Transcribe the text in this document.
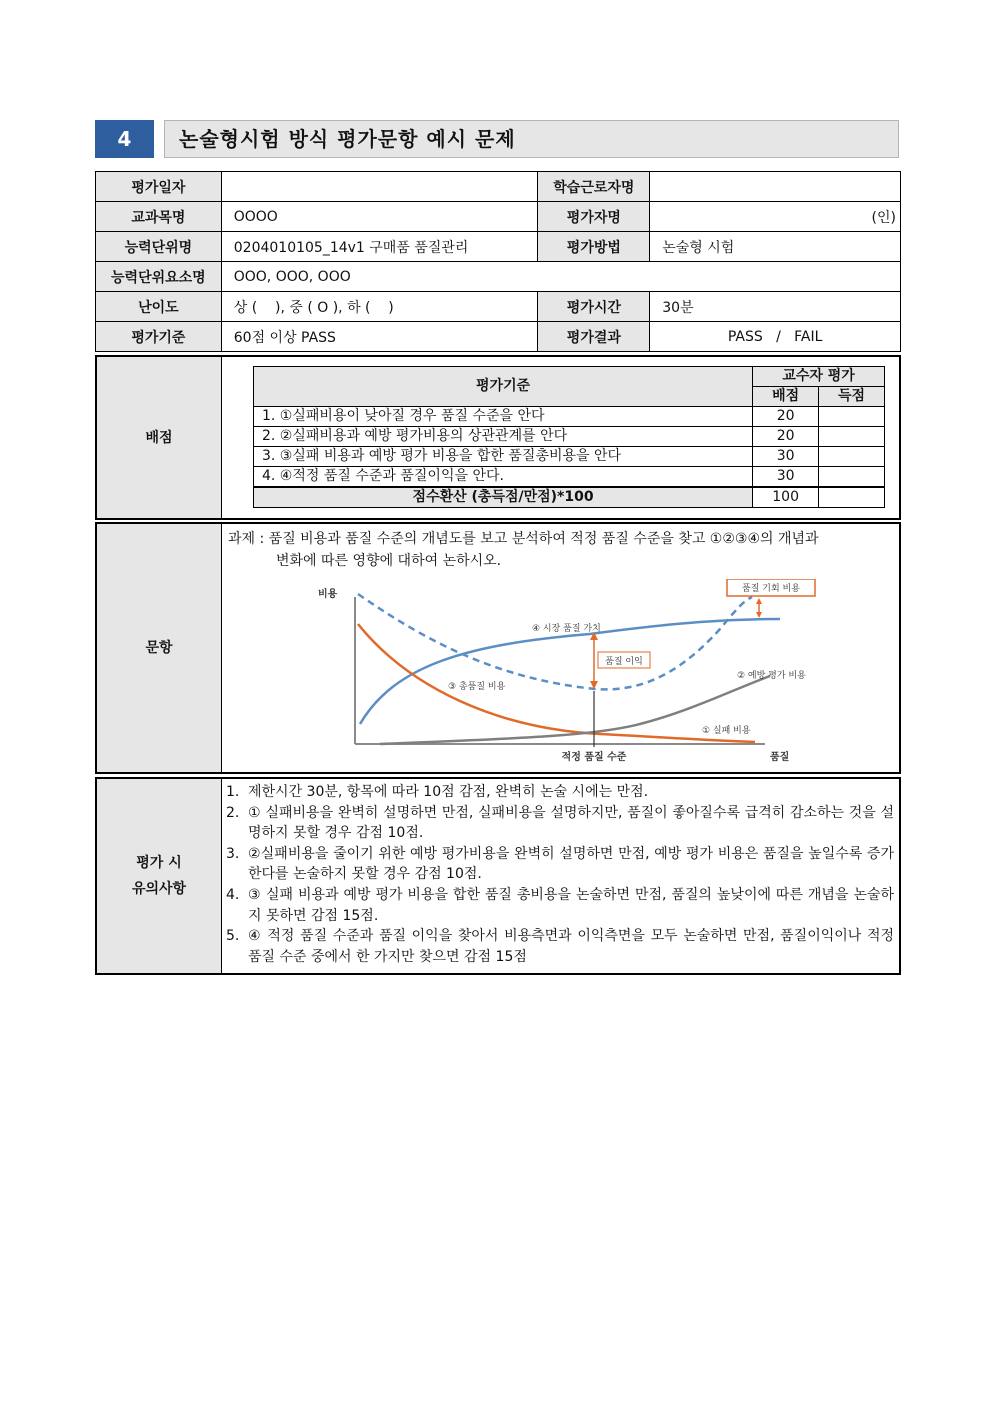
4	논술형시험 방식 평가문항 예시 문제
평가일자		학습근로자명	
교과목명	OOOO	평가자명	(인)
능력단위명	0204010105_14v1 구매품 품질관리	평가방법	논술형 시험
능력단위요소명	OOO, OOO, OOO		
난이도	상 (    ), 중 ( O ), 하 (    )	평가시간	30분
평가기준	60점 이상 PASS	평가결과	PASS   /   FAIL
배점
평가기준	교수자 평가	
	배점	득점
1. ①실패비용이 낮아질 경우 품질 수준을 안다	20	
2. ②실패비용과 예방 평가비용의 상관관계를 안다	20	
3. ③실패 비용과 예방 평가 비용을 합한 품질총비용을 안다	30	
4. ④적정 품질 수준과 품질이익을 안다.	30	
점수환산 (총득점/만점)*100	100	
문항
과제 : 품질 비용과 품질 수준의 개념도를 보고 분석하여 적정 품질 수준을 찾고 ①②③④의 개념과
변화에 따른 영향에 대하여 논하시오.
비용
품질
적정 품질 수준
품질 이익
품질 기회 비용
④ 시장 품질 가치
③ 총품질 비용
② 예방 평가 비용
① 실패 비용
평가 시
유의사항
1. 제한시간 30분, 항목에 따라 10점 감점, 완벽히 논술 시에는 만점.
2. ① 실패비용을 완벽히 설명하면 만점, 실패비용을 설명하지만, 품질이 좋아질수록 급격히 감소하는 것을 설명하지 못할 경우 감점 10점.
3. ②실패비용을 줄이기 위한 예방 평가비용을 완벽히 설명하면 만점, 예방 평가 비용은 품질을 높일수록 증가 한다를 논술하지 못할 경우 감점 10점.
4. ③ 실패 비용과 예방 평가 비용을 합한 품질 총비용을 논술하면 만점, 품질의 높낮이에 따른 개념을 논술하지 못하면 감점 15점.
5. ④ 적정 품질 수준과 품질 이익을 찾아서 비용측면과 이익측면을 모두 논술하면 만점, 품질이익이나 적정 품질 수준 중에서 한 가지만 찾으면 감점 15점
